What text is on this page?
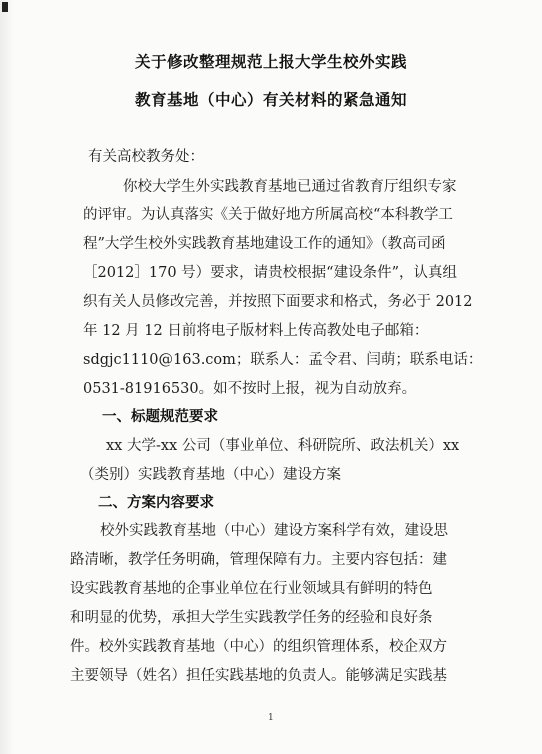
关于修改整理规范上报大学生校外实践
教育基地（中心）有关材料的紧急通知
有关高校教务处：
你校大学生外实践教育基地已通过省教育厅组织专家
的评审。为认真落实《关于做好地方所属高校“本科教学工
程”大学生校外实践教育基地建设工作的通知》（教高司函
［2012］170 号）要求，请贵校根据“建设条件”，认真组
织有关人员修改完善，并按照下面要求和格式，务必于 2012
年 12 月 12 日前将电子版材料上传高教处电子邮箱：
sdgjc1110@163.com；联系人：孟令君、闫萌；联系电话：
0531-81916530。如不按时上报，视为自动放弃。
一、标题规范要求
xx 大学-xx 公司（事业单位、科研院所、政法机关）xx
（类别）实践教育基地（中心）建设方案
二、方案内容要求
校外实践教育基地（中心）建设方案科学有效，建设思
路清晰，教学任务明确，管理保障有力。主要内容包括：建
设实践教育基地的企事业单位在行业领域具有鲜明的特色
和明显的优势，承担大学生实践教学任务的经验和良好条
件。校外实践教育基地（中心）的组织管理体系，校企双方
主要领导（姓名）担任实践基地的负责人。能够满足实践基
1
